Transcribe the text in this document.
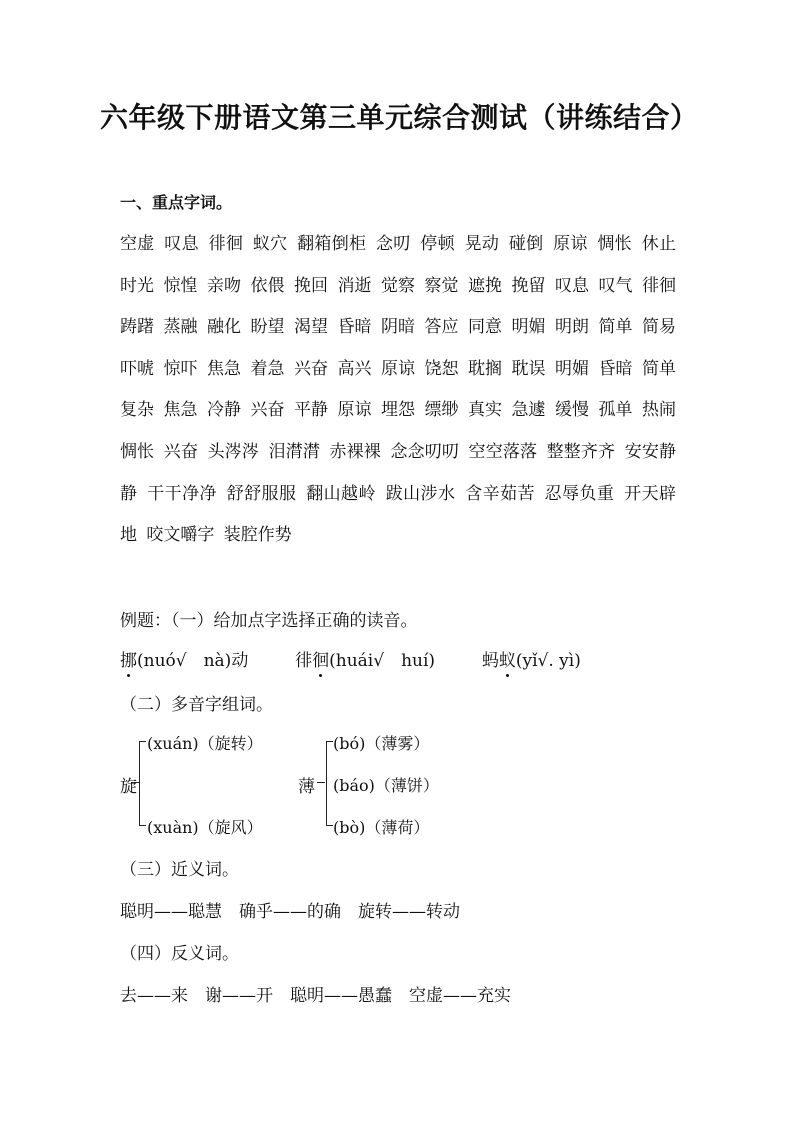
六年级下册语文第三单元综合测试（讲练结合）
一、重点字词。
空虚 叹息 徘徊 蚁穴 翻箱倒柜 念叨 停顿 晃动 碰倒 原谅 惆怅 休止 时光 惊惶 亲吻 依偎 挽回 消逝 觉察 察觉 遮挽 挽留 叹息 叹气 徘徊 踌躇 蒸融 融化 盼望 渴望 昏暗 阴暗 答应 同意 明媚 明朗 简单 简易 吓唬 惊吓 焦急 着急 兴奋 高兴 原谅 饶恕 耽搁 耽误 明媚 昏暗 简单 复杂 焦急 冷静 兴奋 平静 原谅 埋怨 缥缈 真实 急遽 缓慢 孤单 热闹 惆怅 兴奋 头涔涔 泪潸潸 赤裸裸 念念叨叨 空空落落 整整齐齐 安安静静 干干净净 舒舒服服 翻山越岭 跋山涉水 含辛茹苦 忍辱负重 开天辟地 咬文嚼字 装腔作势
例题：（一）给加点字选择正确的读音。
挪(nuó√　nà)动	徘徊(huái√　huí)	蚂蚁(yǐ√. yì)
（二）多音字组词。
旋
(xuán)（旋转）
(xuàn)（旋风）
薄
(bó)（薄雾）
(báo)（薄饼）
(bò)（薄荷）
（三）近义词。
聪明——聪慧　确乎——的确　旋转——转动
（四）反义词。
去——来　谢——开　聪明——愚蠢　空虚——充实
